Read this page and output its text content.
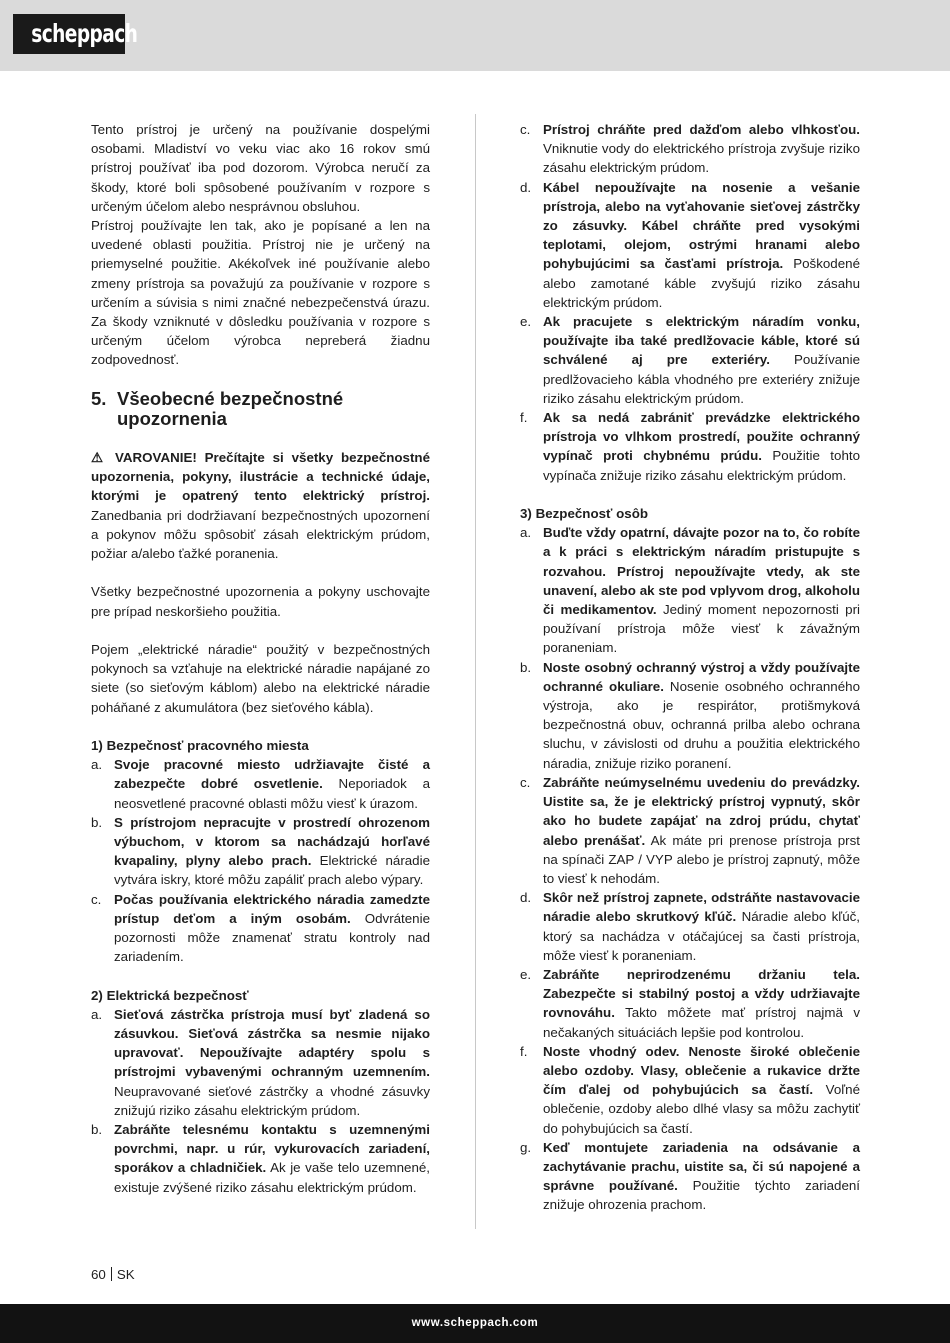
scheppach

Tento prístroj je určený na používanie dospelými osobami. Mladiství vo veku viac ako 16 rokov smú prístroj používať iba pod dozorom. Výrobca neručí za škody, ktoré boli spôsobené používaním v rozpore s určeným účelom alebo nesprávnou obsluhou.

Prístroj používajte len tak, ako je popísané a len na uvedené oblasti použitia. Prístroj nie je určený na priemyselné použitie. Akékoľvek iné používanie alebo zmeny prístroja sa považujú za používanie v rozpore s určením a súvisia s nimi značné nebezpečenstvá úrazu. Za škody vzniknuté v dôsledku používania v rozpore s určeným účelom výrobca nepreberá žiadnu zodpovednosť.

5. Všeobecné bezpečnostné upozornenia

⚠ VAROVANIE! Prečítajte si všetky bezpečnostné upozornenia, pokyny, ilustrácie a technické údaje, ktorými je opatrený tento elektrický prístroj. Zanedbania pri dodržiavaní bezpečnostných upozornení a pokynov môžu spôsobiť zásah elektrickým prúdom, požiar a/alebo ťažké poranenia.

Všetky bezpečnostné upozornenia a pokyny uschovajte pre prípad neskoršieho použitia.

Pojem „elektrické náradie“ použitý v bezpečnostných pokynoch sa vzťahuje na elektrické náradie napájané zo siete (so sieťovým káblom) alebo na elektrické náradie poháňané z akumulátora (bez sieťového kábla).

1) Bezpečnosť pracovného miesta
a. Svoje pracovné miesto udržiavajte čisté a zabezpečte dobré osvetlenie. Neporiadok a neosvetlené pracovné oblasti môžu viesť k úrazom.
b. S prístrojom nepracujte v prostredí ohrozenom výbuchom, v ktorom sa nachádzajú horľavé kvapaliny, plyny alebo prach. Elektrické náradie vytvára iskry, ktoré môžu zapáliť prach alebo výpary.
c. Počas používania elektrického náradia zamedzte prístup deťom a iným osobám. Odvrátenie pozornosti môže znamenať stratu kontroly nad zariadením.
2) Elektrická bezpečnosť
a. Sieťová zástrčka prístroja musí byť zladená so zásuvkou. Sieťová zástrčka sa nesmie nijako upravovať. Nepoužívajte adaptéry spolu s prístrojmi vybavenými ochranným uzemnením. Neupravované sieťové zástrčky a vhodné zásuvky znižujú riziko zásahu elektrickým prúdom.
b. Zabráňte telesnému kontaktu s uzemnenými povrchmi, napr. u rúr, vykurovacích zariadení, sporákov a chladničiek. Ak je vaše telo uzemnené, existuje zvýšené riziko zásahu elektrickým prúdom.
c. Prístroj chráňte pred dažďom alebo vlhkosťou. Vniknutie vody do elektrického prístroja zvyšuje riziko zásahu elektrickým prúdom.
d. Kábel nepoužívajte na nosenie a vešanie prístroja, alebo na vyťahovanie sieťovej zástrčky zo zásuvky. Kábel chráňte pred vysokými teplotami, olejom, ostrými hranami alebo pohybujúcimi sa časťami prístroja. Poškodené alebo zamotané káble zvyšujú riziko zásahu elektrickým prúdom.
e. Ak pracujete s elektrickým náradím vonku, používajte iba také predlžovacie káble, ktoré sú schválené aj pre exteriéry. Používanie predlžovacieho kábla vhodného pre exteriéry znižuje riziko zásahu elektrickým prúdom.
f.	Ak sa nedá zabrániť prevádzke elektrického prístroja vo vlhkom prostredí, použite ochranný vypínač proti chybnému prúdu. Použitie tohto vypínača znižuje riziko zásahu elektrickým prúdom.
3) Bezpečnosť osôb
a. Buďte vždy opatrní, dávajte pozor na to, čo robíte a k práci s elektrickým náradím pristupujte s rozvahou. Prístroj nepoužívajte vtedy, ak ste unavení, alebo ak ste pod vplyvom drog, alkoholu či medikamentov. Jediný moment nepozornosti pri používaní prístroja môže viesť k závažným poraneniam.
b. Noste osobný ochranný výstroj a vždy používajte ochranné okuliare. Nosenie osobného ochranného výstroja, ako je respirátor, protišmyková bezpečnostná obuv, ochranná prilba alebo ochrana sluchu, v závislosti od druhu a použitia elektrického náradia, znižuje riziko poranení.
c. Zabráňte neúmyselnému uvedeniu do prevádzky. Uistite sa, že je elektrický prístroj vypnutý, skôr ako ho budete zapájať na zdroj prúdu, chytať alebo prenášať. Ak máte pri prenose prístroja prst na spínači ZAP / VYP alebo je prístroj zapnutý, môže to viesť k nehodám.
d. Skôr než prístroj zapnete, odstráňte nastavovacie náradie alebo skrutkový kľúč. Náradie alebo kľúč, ktorý sa nachádza v otáčajúcej sa časti prístroja, môže viesť k poraneniam.
e. Zabráňte neprirodzenému držaniu tela. Zabezpečte si stabilný postoj a vždy udržiavajte rovnováhu. Takto môžete mať prístroj najmä v nečakaných situáciách lepšie pod kontrolou.
f.	Noste vhodný odev. Nenoste široké oblečenie alebo ozdoby. Vlasy, oblečenie a rukavice držte čím ďalej od pohybujúcich sa častí. Voľné oblečenie, ozdoby alebo dlhé vlasy sa môžu zachytiť do pohybujúcich sa častí.
g. Keď montujete zariadenia na odsávanie a zachytávanie prachu, uistite sa, či sú napojené a správne používané. Použitie týchto zariadení znižuje ohrozenia prachom.
60 SK
www.scheppach.com
